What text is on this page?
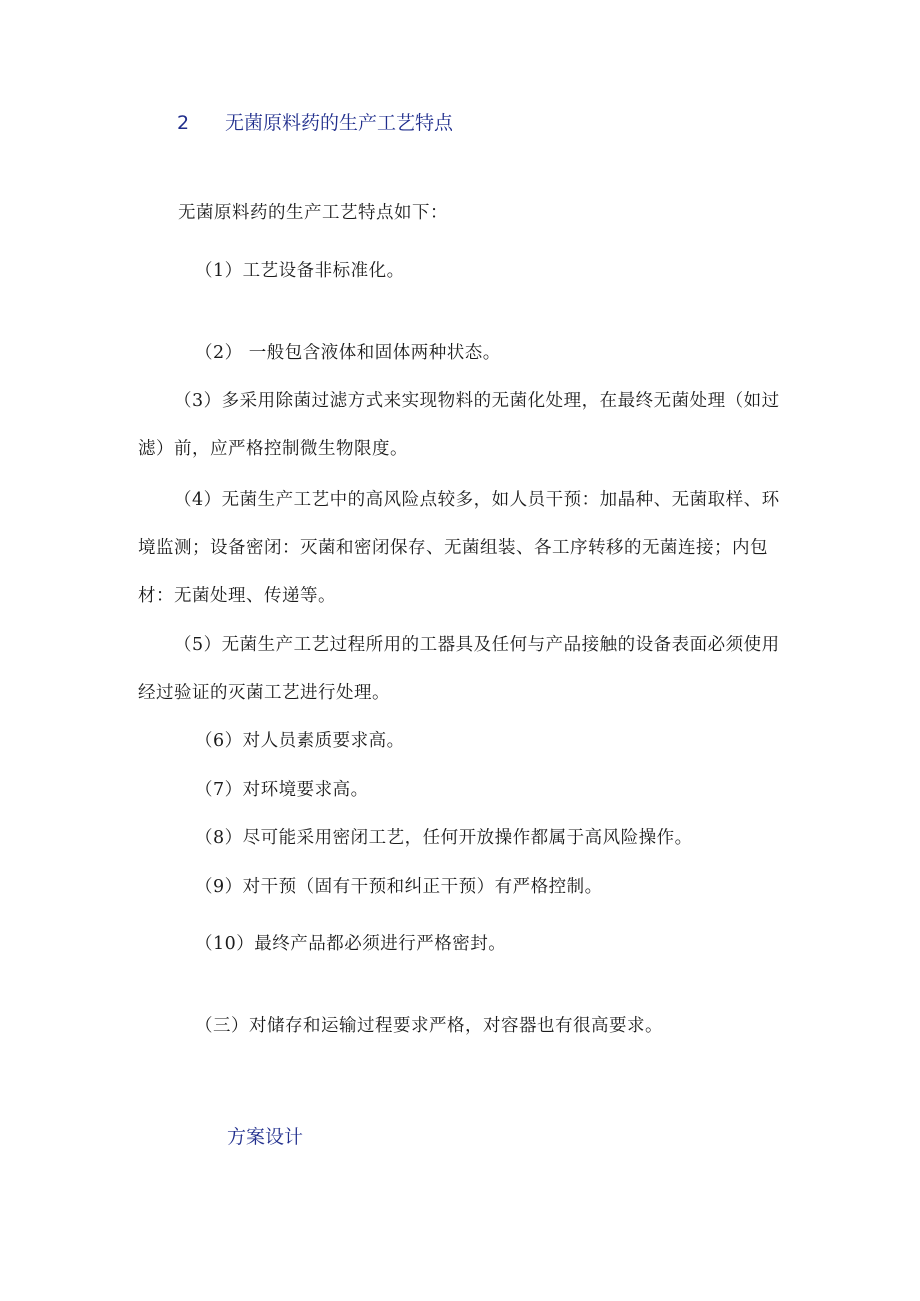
2 无菌原料药的生产工艺特点
无菌原料药的生产工艺特点如下：
（1）工艺设备非标准化。
（2） 一般包含液体和固体两种状态。
（3）多采用除菌过滤方式来实现物料的无菌化处理，在最终无菌处理（如过滤）前，应严格控制微生物限度。
（4）无菌生产工艺中的高风险点较多，如人员干预：加晶种、无菌取样、环境监测；设备密闭：灭菌和密闭保存、无菌组装、各工序转移的无菌连接；内包材：无菌处理、传递等。
（5）无菌生产工艺过程所用的工器具及任何与产品接触的设备表面必须使用经过验证的灭菌工艺进行处理。
（6）对人员素质要求高。
（7）对环境要求高。
（8）尽可能采用密闭工艺，任何开放操作都属于高风险操作。
（9）对干预（固有干预和纠正干预）有严格控制。
（10）最终产品都必须进行严格密封。
（三）对储存和运输过程要求严格，对容器也有很高要求。
方案设计
